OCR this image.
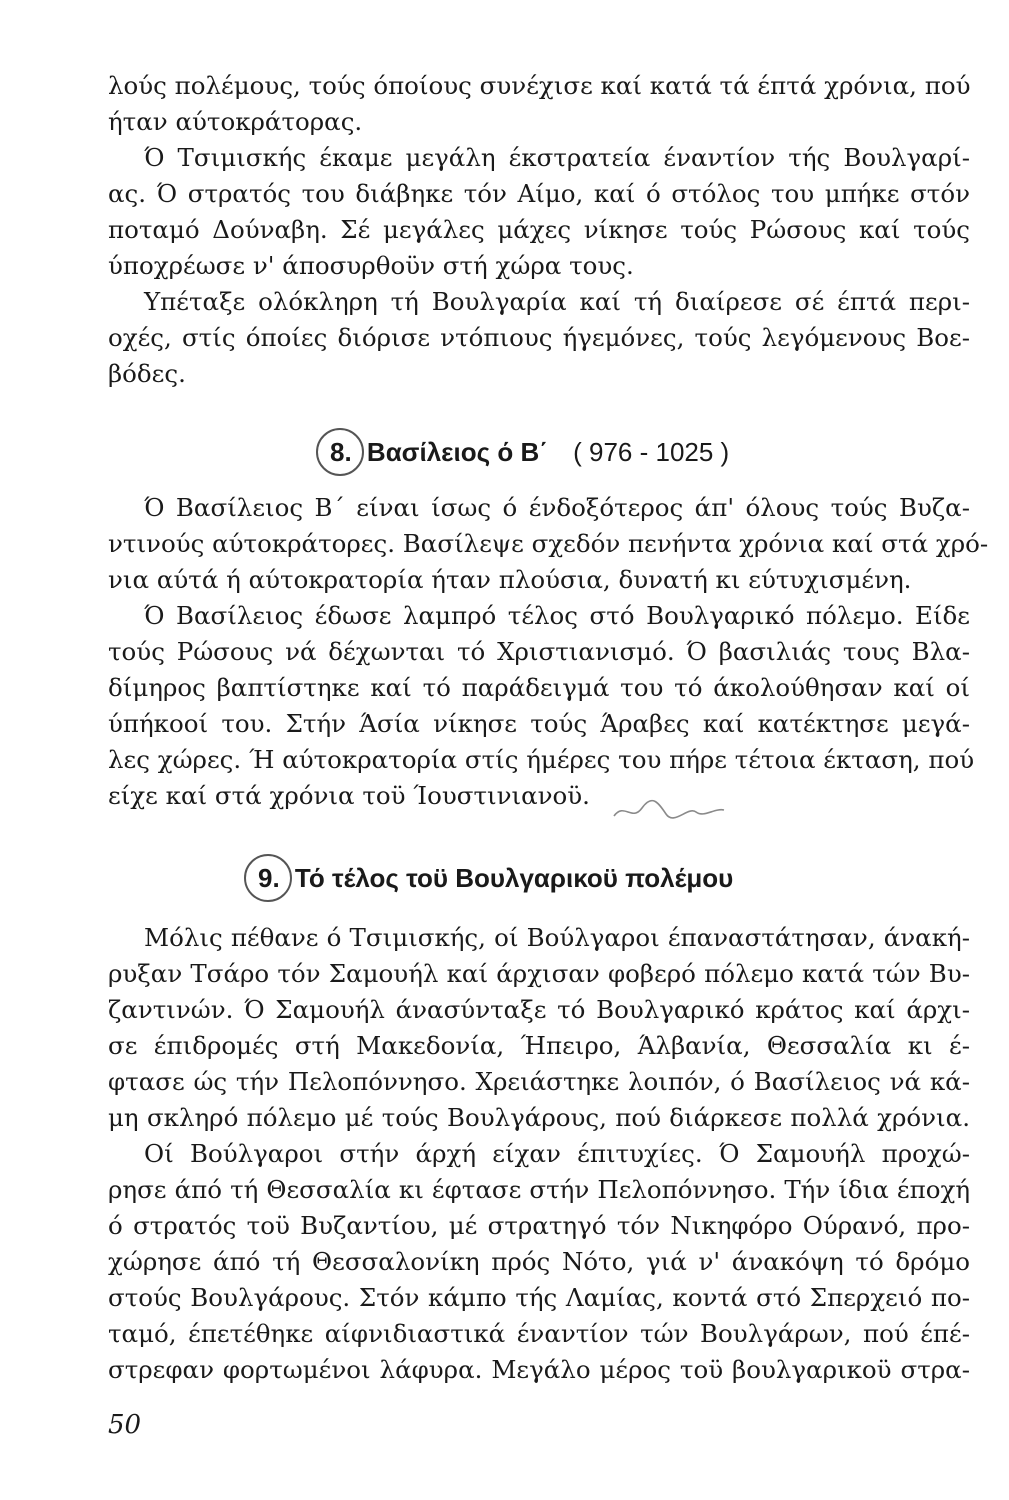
λούς πολέμους, τούς όποίους συνέχισε καί κατά τά έπτά χρόνια, πού
ήταν αύτοκράτορας.
Ό Τσιμισκής έκαμε μεγάλη έκστρατεία έναντίον τής Βουλγαρί-
ας. Ό στρατός του διάβηκε τόν Αίμο, καί ό στόλος του μπήκε στόν
ποταμό Δούναβη. Σέ μεγάλες μάχες νίκησε τούς Ρώσους καί τούς
ύποχρέωσε ν' άποσυρθοϋν στή χώρα τους.
Υπέταξε ολόκληρη τή Βουλγαρία καί τή διαίρεσε σέ έπτά περι-
οχές, στίς όποίες διόρισε ντόπιους ήγεμόνες, τούς λεγόμενους Βοε-
βόδες.
8. Βασίλειος ό Β΄ ( 976 - 1025 )
Ό Βασίλειος Β΄ είναι ίσως ό ένδοξότερος άπ' όλους τούς Βυζα-
ντινούς αύτοκράτορες. Βασίλεψε σχεδόν πενήντα χρόνια καί στά χρό-
νια αύτά ή αύτοκρατορία ήταν πλούσια, δυνατή κι εύτυχισμένη.
Ό Βασίλειος έδωσε λαμπρό τέλος στό Βουλγαρικό πόλεμο. Είδε
τούς Ρώσους νά δέχωνται τό Χριστιανισμό. Ό βασιλιάς τους Βλα-
δίμηρος βαπτίστηκε καί τό παράδειγμά του τό άκολούθησαν καί οί
ύπήκοοί του. Στήν Άσία νίκησε τούς Άραβες καί κατέκτησε μεγά-
λες χώρες. Ή αύτοκρατορία στίς ήμέρες του πήρε τέτοια έκταση, πού
είχε καί στά χρόνια τοϋ Ίουστινιανοϋ.
9. Τό τέλος τοϋ Βουλγαρικοϋ πολέμου
Μόλις πέθανε ό Τσιμισκής, οί Βούλγαροι έπαναστάτησαν, άνακή-
ρυξαν Τσάρο τόν Σαμουήλ καί άρχισαν φοβερό πόλεμο κατά τών Βυ-
ζαντινών. Ό Σαμουήλ άνασύνταξε τό Βουλγαρικό κράτος καί άρχι-
σε έπιδρομές στή Μακεδονία, Ήπειρο, Άλβανία, Θεσσαλία κι έ-
φτασε ώς τήν Πελοπόννησο. Χρειάστηκε λοιπόν, ό Βασίλειος νά κά-
μη σκληρό πόλεμο μέ τούς Βουλγάρους, πού διάρκεσε πολλά χρόνια.
Οί Βούλγαροι στήν άρχή είχαν έπιτυχίες. Ό Σαμουήλ προχώ-
ρησε άπό τή Θεσσαλία κι έφτασε στήν Πελοπόννησο. Τήν ίδια έποχή
ό στρατός τοϋ Βυζαντίου, μέ στρατηγό τόν Νικηφόρο Ούρανό, προ-
χώρησε άπό τή Θεσσαλονίκη πρός Νότο, γιά ν' άνακόψη τό δρόμο
στούς Βουλγάρους. Στόν κάμπο τής Λαμίας, κοντά στό Σπερχειό πο-
ταμό, έπετέθηκε αίφνιδιαστικά έναντίον τών Βουλγάρων, πού έπέ-
στρεφαν φορτωμένοι λάφυρα. Μεγάλο μέρος τοϋ βουλγαρικοϋ στρα-
50
